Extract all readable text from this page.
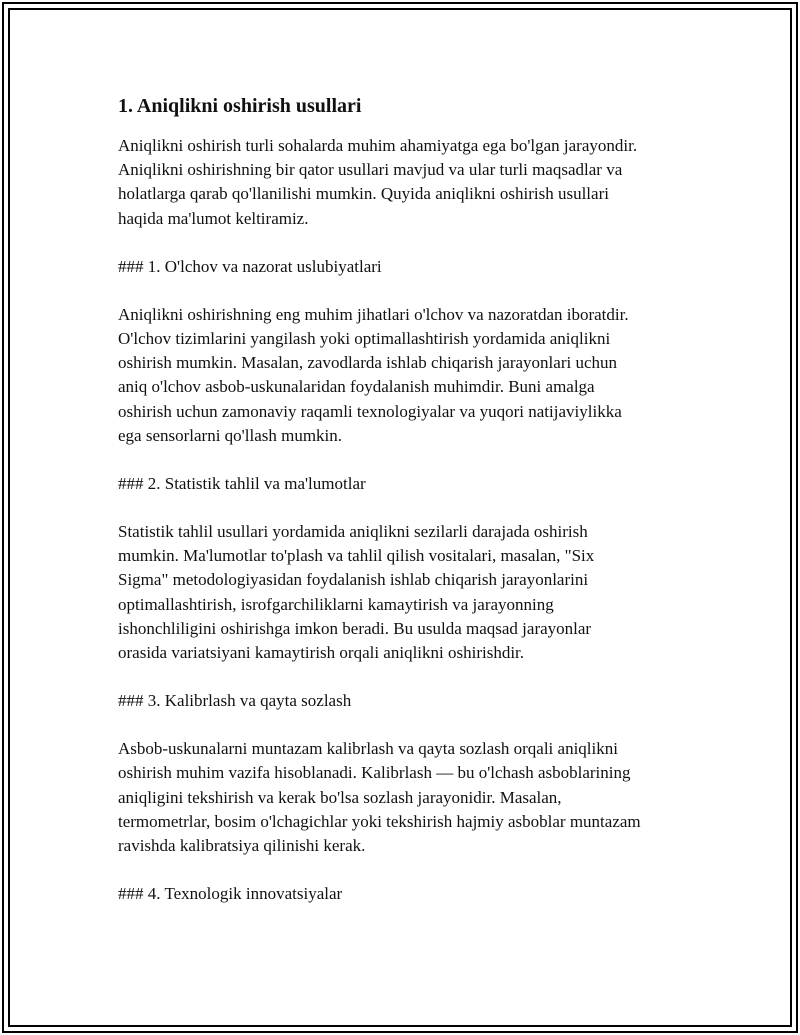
1. Aniqlikni oshirish usullari

Aniqlikni oshirish turli sohalarda muhim ahamiyatga ega bo'lgan jarayondir.
Aniqlikni oshirishning bir qator usullari mavjud va ular turli maqsadlar va
holatlarga qarab qo'llanilishi mumkin. Quyida aniqlikni oshirish usullari
haqida ma'lumot keltiramiz.

### 1. O'lchov va nazorat uslubiyatlari

Aniqlikni oshirishning eng muhim jihatlari o'lchov va nazoratdan iboratdir.
O'lchov tizimlarini yangilash yoki optimallashtirish yordamida aniqlikni
oshirish mumkin. Masalan, zavodlarda ishlab chiqarish jarayonlari uchun
aniq o'lchov asbob-uskunalaridan foydalanish muhimdir. Buni amalga
oshirish uchun zamonaviy raqamli texnologiyalar va yuqori natijaviylikka
ega sensorlarni qo'llash mumkin.

### 2. Statistik tahlil va ma'lumotlar

Statistik tahlil usullari yordamida aniqlikni sezilarli darajada oshirish
mumkin. Ma'lumotlar to'plash va tahlil qilish vositalari, masalan, "Six
Sigma" metodologiyasidan foydalanish ishlab chiqarish jarayonlarini
optimallashtirish, isrofgarchiliklarni kamaytirish va jarayonning
ishonchliligini oshirishga imkon beradi. Bu usulda maqsad jarayonlar
orasida variatsiyani kamaytirish orqali aniqlikni oshirishdir.

### 3. Kalibrlash va qayta sozlash

Asbob-uskunalarni muntazam kalibrlash va qayta sozlash orqali aniqlikni
oshirish muhim vazifa hisoblanadi. Kalibrlash — bu o'lchash asboblarining
aniqligini tekshirish va kerak bo'lsa sozlash jarayonidir. Masalan,
termometrlar, bosim o'lchagichlar yoki tekshirish hajmiy asboblar muntazam
ravishda kalibratsiya qilinishi kerak.

### 4. Texnologik innovatsiyalar
